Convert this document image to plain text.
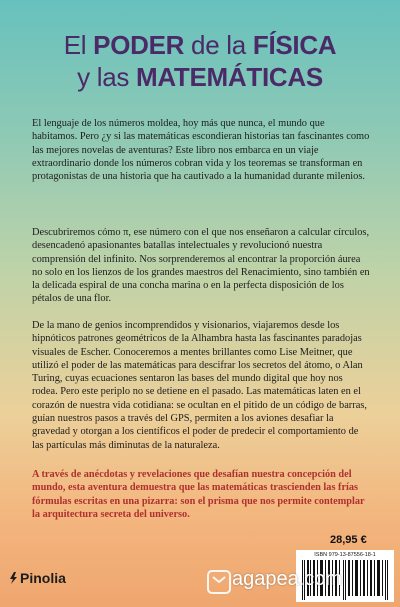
El PODER de la FÍSICA
y las MATEMÁTICAS

El lenguaje de los números moldea, hoy más que nunca, el mundo que habitamos. Pero ¿y si las matemáticas escondieran historias tan fascinantes como las mejores novelas de aventuras? Este libro nos embarca en un viaje extraordinario donde los números cobran vida y los teoremas se transforman en protagonistas de una historia que ha cautivado a la humanidad durante milenios.

Descubriremos cómo π, ese número con el que nos enseñaron a calcular círculos, desencadenó apasionantes batallas intelectuales y revolucionó nuestra comprensión del infinito. Nos sorprenderemos al encontrar la proporción áurea no solo en los lienzos de los grandes maestros del Renacimiento, sino también en la delicada espiral de una concha marina o en la perfecta disposición de los pétalos de una flor.

De la mano de genios incomprendidos y visionarios, viajaremos desde los hipnóticos patrones geométricos de la Alhambra hasta las fascinantes paradojas visuales de Escher. Conoceremos a mentes brillantes como Lise Meitner, que utilizó el poder de las matemáticas para descifrar los secretos del átomo, o Alan Turing, cuyas ecuaciones sentaron las bases del mundo digital que hoy nos rodea. Pero este periplo no se detiene en el pasado. Las matemáticas laten en el corazón de nuestra vida cotidiana: se ocultan en el pitido de un código de barras, guían nuestros pasos a través del GPS, permiten a los aviones desafiar la gravedad y otorgan a los científicos el poder de predecir el comportamiento de las partículas más diminutas de la naturaleza.

A través de anécdotas y revelaciones que desafían nuestra concepción del mundo, esta aventura demuestra que las matemáticas trascienden las frías fórmulas escritas en una pizarra: son el prisma que nos permite contemplar la arquitectura secreta del universo.

28,95 €
ISBN 979-13-87556-18-1
Pinolia	agapea.com
